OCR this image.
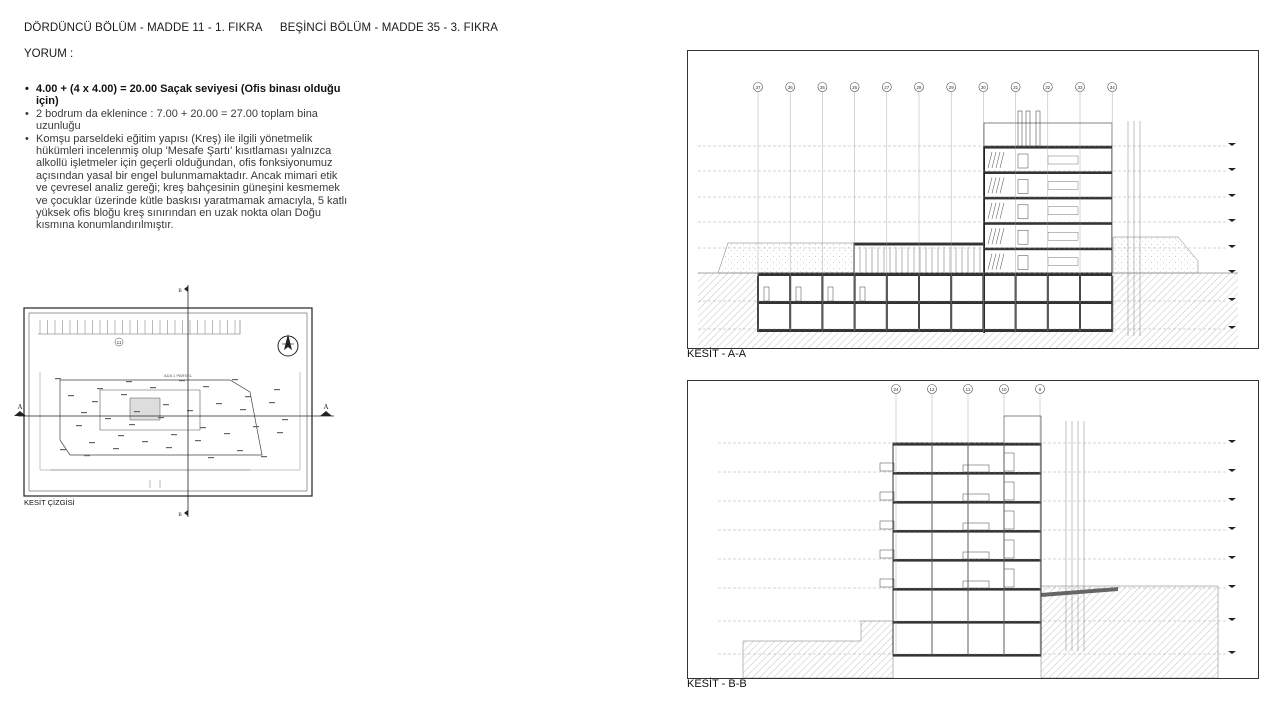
DÖRDÜNCÜ BÖLÜM - MADDE 11 - 1. FIKRA BEŞİNCİ BÖLÜM - MADDE 35 - 3. FIKRA
YORUM :
• 4.00 + (4 x 4.00) = 20.00 Saçak seviyesi (Ofis binası olduğu için)
• 2 bodrum da eklenince : 7.00 + 20.00 = 27.00 toplam bina uzunluğu
• Komşu parseldeki eğitim yapısı (Kreş) ile ilgili yönetmelik hükümleri incelenmiş olup 'Mesafe Şartı' kısıtlaması yalnızca alkollü işletmeler için geçerli olduğundan, ofis fonksiyonumuz açısından yasal bir engel bulunmamaktadır. Ancak mimari etik ve çevresel analiz gereği; kreş bahçesinin güneşini kesmemek ve çocuklar üzerinde kütle baskısı yaratmamak amacıyla, 5 katlı yüksek ofis bloğu kreş sınırından en uzak nokta olan Doğu kısmına konumlandırılmıştır.
11
ADA 1 PARSEL
A	A
B
B
KESİT ÇİZGİSİ
37	36	35	26	27	28	29	30	31	32	33	34
KESİT - A-A
24	12	11	10	9
KESİT - B-B
